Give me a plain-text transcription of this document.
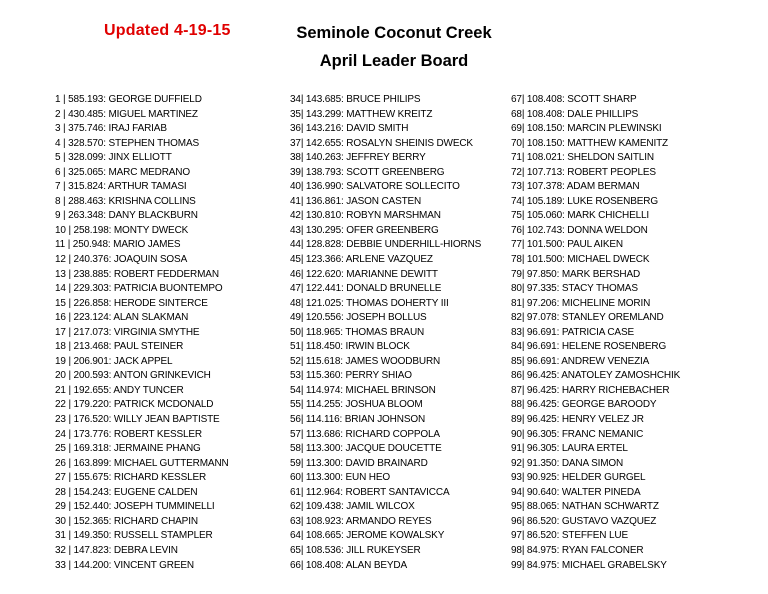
Updated 4-19-15	Seminole Coconut Creek
April Leader Board
1 | 585.193: GEORGE DUFFIELD
2 | 430.485: MIGUEL MARTINEZ
3 | 375.746: IRAJ FARIAB
4 | 328.570: STEPHEN THOMAS
5 | 328.099: JINX ELLIOTT
6 | 325.065: MARC MEDRANO
7 | 315.824: ARTHUR TAMASI
8 | 288.463: KRISHNA COLLINS
9 | 263.348: DANY BLACKBURN
10 | 258.198: MONTY DWECK
11 | 250.948: MARIO JAMES
12 | 240.376: JOAQUIN SOSA
13 | 238.885: ROBERT FEDDERMAN
14 | 229.303: PATRICIA BUONTEMPO
15 | 226.858: HERODE SINTERCE
16 | 223.124: ALAN SLAKMAN
17 | 217.073: VIRGINIA SMYTHE
18 | 213.468: PAUL STEINER
19 | 206.901: JACK APPEL
20 | 200.593: ANTON GRINKEVICH
21 | 192.655: ANDY TUNCER
22 | 179.220: PATRICK MCDONALD
23 | 176.520: WILLY JEAN BAPTISTE
24 | 173.776: ROBERT KESSLER
25 | 169.318: JERMAINE PHANG
26 | 163.899: MICHAEL GUTTERMANN
27 | 155.675: RICHARD KESSLER
28 | 154.243: EUGENE CALDEN
29 | 152.440: JOSEPH TUMMINELLI
30 | 152.365: RICHARD CHAPIN
31 | 149.350: RUSSELL STAMPLER
32 | 147.823: DEBRA LEVIN
33 | 144.200: VINCENT GREEN
34| 143.685: BRUCE PHILIPS
35| 143.299: MATTHEW KREITZ
36| 143.216: DAVID SMITH
37| 142.655: ROSALYN SHEINIS DWECK
38| 140.263: JEFFREY BERRY
39| 138.793: SCOTT GREENBERG
40| 136.990: SALVATORE SOLLECITO
41| 136.861: JASON CASTEN
42| 130.810: ROBYN MARSHMAN
43| 130.295: OFER GREENBERG
44| 128.828: DEBBIE UNDERHILL-HIORNS
45| 123.366: ARLENE VAZQUEZ
46| 122.620: MARIANNE DEWITT
47| 122.441: DONALD BRUNELLE
48| 121.025: THOMAS DOHERTY III
49| 120.556: JOSEPH BOLLUS
50| 118.965: THOMAS BRAUN
51| 118.450: IRWIN BLOCK
52| 115.618: JAMES WOODBURN
53| 115.360: PERRY SHIAO
54| 114.974: MICHAEL BRINSON
55| 114.255: JOSHUA BLOOM
56| 114.116: BRIAN JOHNSON
57| 113.686: RICHARD COPPOLA
58| 113.300: JACQUE DOUCETTE
59| 113.300: DAVID BRAINARD
60| 113.300: EUN HEO
61| 112.964: ROBERT SANTAVICCA
62| 109.438: JAMIL WILCOX
63| 108.923: ARMANDO REYES
64| 108.665: JEROME KOWALSKY
65| 108.536: JILL RUKEYSER
66| 108.408: ALAN BEYDA
67| 108.408: SCOTT SHARP
68| 108.408: DALE PHILLIPS
69| 108.150: MARCIN PLEWINSKI
70| 108.150: MATTHEW KAMENITZ
71| 108.021: SHELDON SAITLIN
72| 107.713: ROBERT PEOPLES
73| 107.378: ADAM BERMAN
74| 105.189: LUKE ROSENBERG
75| 105.060: MARK CHICHELLI
76| 102.743: DONNA WELDON
77| 101.500: PAUL AIKEN
78| 101.500: MICHAEL DWECK
79| 97.850: MARK BERSHAD
80| 97.335: STACY THOMAS
81| 97.206: MICHELINE MORIN
82| 97.078: STANLEY OREMLAND
83| 96.691: PATRICIA CASE
84| 96.691: HELENE ROSENBERG
85| 96.691: ANDREW VENEZIA
86| 96.425: ANATOLEY ZAMOSHCHIK
87| 96.425: HARRY RICHEBACHER
88| 96.425: GEORGE BAROODY
89| 96.425: HENRY VELEZ JR
90| 96.305: FRANC NEMANIC
91| 96.305: LAURA ERTEL
92| 91.350: DANA SIMON
93| 90.925: HELDER GURGEL
94| 90.640: WALTER PINEDA
95| 88.065: NATHAN SCHWARTZ
96| 86.520: GUSTAVO VAZQUEZ
97| 86.520: STEFFEN LUE
98| 84.975: RYAN FALCONER
99| 84.975: MICHAEL GRABELSKY
